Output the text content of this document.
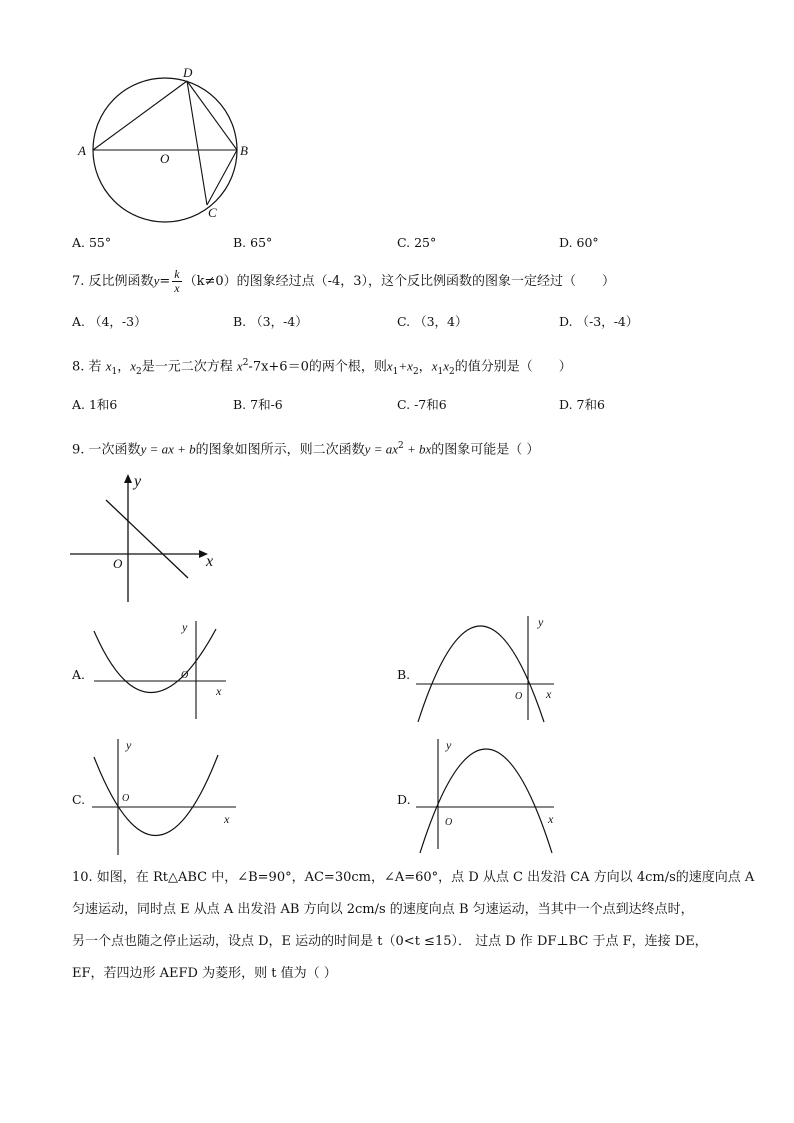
A	B
C
D
O
A. 55°	B. 65°	C. 25°	D. 60°
7. 反比例函数$y= \frac{k}{x} (k\ne 0)$的图象经过点（-4，3），这个反比例函数的图象一定经过（　　）
A. （4，-3）	B. （3，-4）	C. （3，4）	D. （-3，-4）
8. 若 $x_1$，$x_2$是一元二次方程 $x^2-7x+6=0$的两个根，则$x_1+x_2$，$x_1x_2$的值分别是（　　）
A. 1和6	B. 7和-6	C. -7和6	D. 7和6
9. 一次函数y = ax + b的图象如图所示，则二次函数$y = ax^2$ + bx的图象可能是（ ）
x
y
O
A.
x
y
O	B.
x
y
O
C.
x
y
O	D.
x
y
O
10. 如图，在 Rt△ABC 中，∠B=90°，AC=30cm，∠A=60°，点 D 从点 C 出发沿 CA 方向以 4cm/s的速度向点 A
匀速运动，同时点 E 从点 A 出发沿 AB 方向以 2cm/s 的速度向点 B 匀速运动，当其中一个点到达终点时，
另一个点也随之停止运动，设点 D，E 运动的时间是 t（0<t ≤15）． 过点 D 作 DF⊥BC 于点 F，连接 DE，
EF，若四边形 AEFD 为菱形，则 t 值为（ ）
